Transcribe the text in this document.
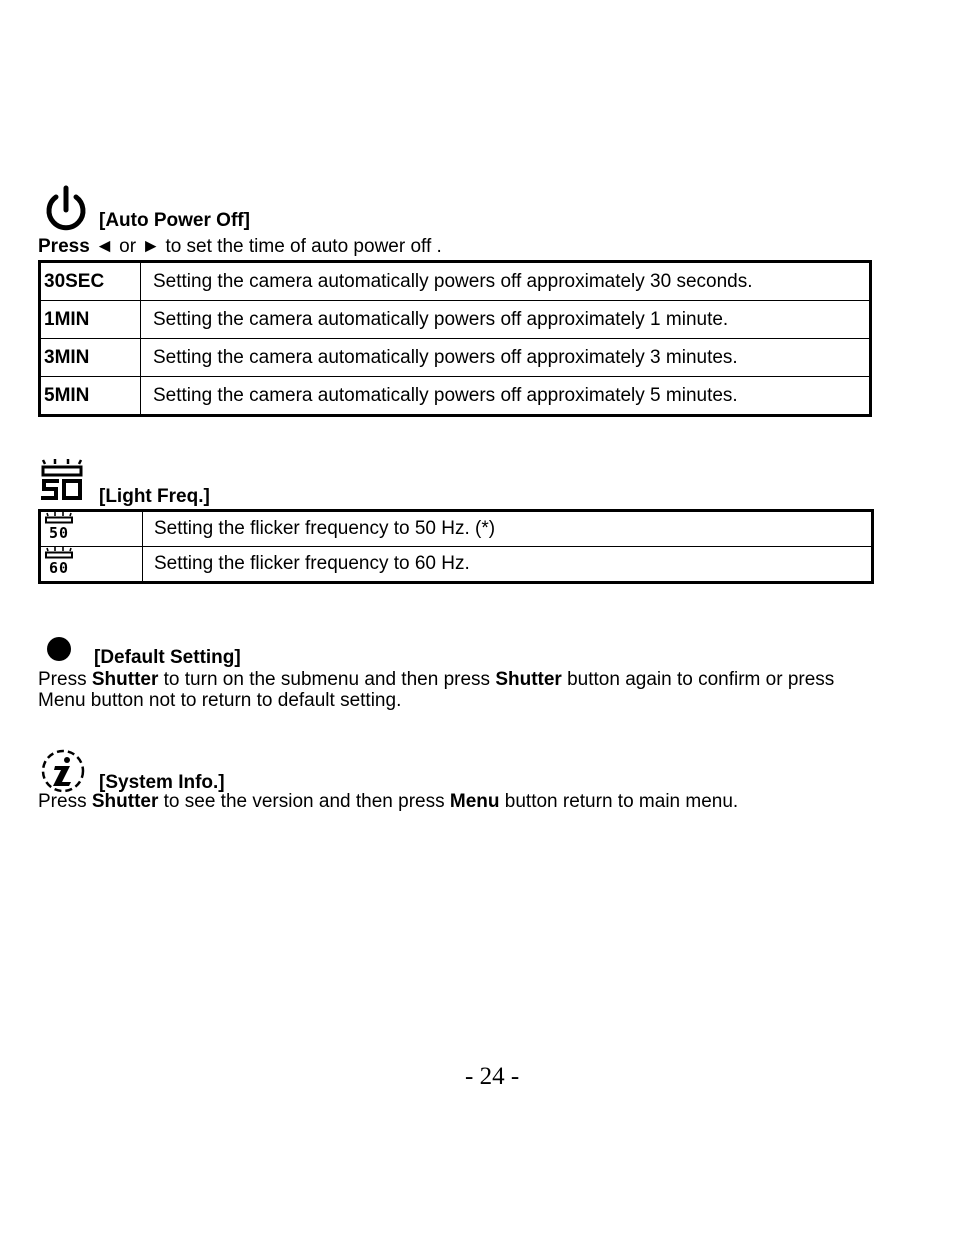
[Auto Power Off]
Press ◄ or ► to set the time of auto power off .
30SEC	Setting the camera automatically powers off approximately 30 seconds.
1MIN	Setting the camera automatically powers off approximately 1 minute.
3MIN	Setting the camera automatically powers off approximately 3 minutes.
5MIN	Setting the camera automatically powers off approximately 5 minutes.
[Light Freq.]
50	Setting the flicker frequency to 50 Hz. (*)

60	Setting the flicker frequency to 60 Hz.
[Default Setting]
Press Shutter to turn on the submenu and then press Shutter button again to confirm or press
Menu button not to return to default setting.
[System Info.]
Press Shutter to see the version and then press Menu button return to main menu.
- 24 -
